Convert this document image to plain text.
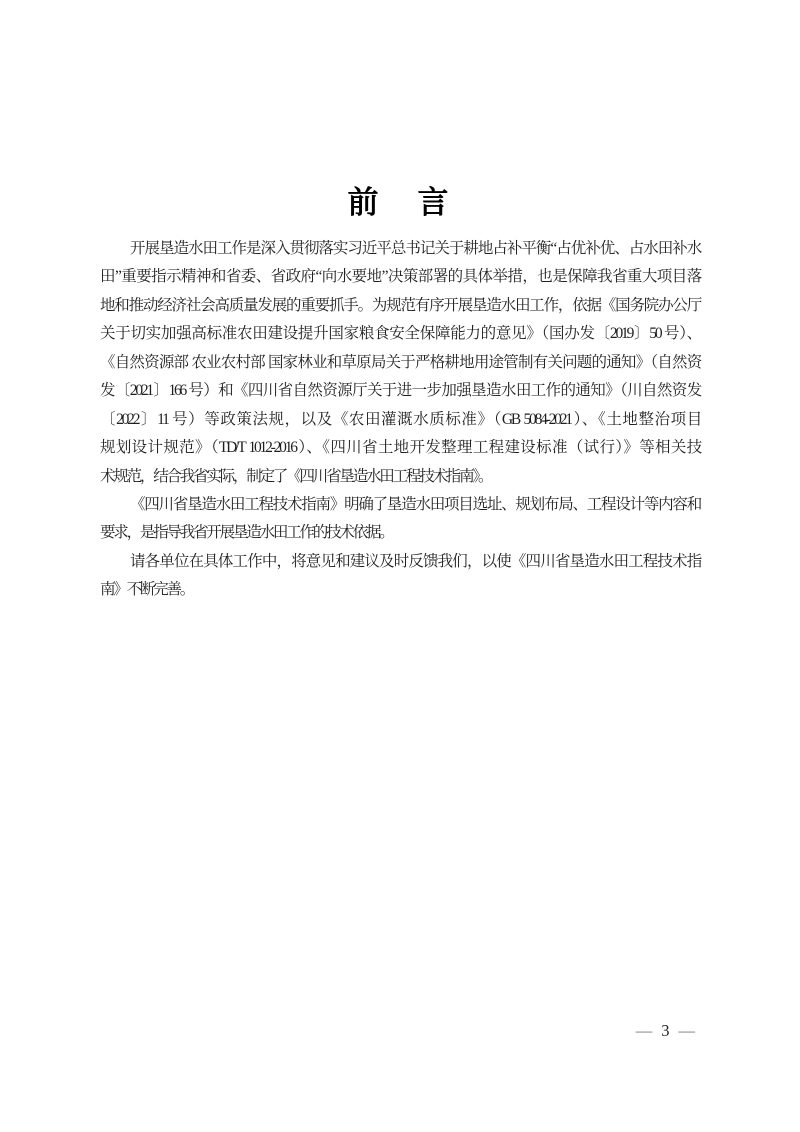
前　言
开展垦造水田工作是深入贯彻落实习近平总书记关于耕地占补平衡“占优补优、占水田补水
田”重要指示精神和省委、省政府“向水要地”决策部署的具体举措，也是保障我省重大项目落
地和推动经济社会高质量发展的重要抓手。为规范有序开展垦造水田工作，依据《国务院办公厅
关于切实加强高标准农田建设提升国家粮食安全保障能力的意见》（国办发〔2019〕50 号）、
《自然资源部 农业农村部 国家林业和草原局关于严格耕地用途管制有关问题的通知》（自然资
发〔2021〕166 号）和《四川省自然资源厅关于进一步加强垦造水田工作的通知》（川自然资发
〔2022〕11 号）等政策法规，以及《农田灌溉水质标准》（GB 5084-2021）、《土地整治项目
规划设计规范》（TD/T 1012-2016）、《四川省土地开发整理工程建设标准（试行）》等相关技
术规范，结合我省实际，制定了《四川省垦造水田工程技术指南》。
《四川省垦造水田工程技术指南》明确了垦造水田项目选址、规划布局、工程设计等内容和
要求，是指导我省开展垦造水田工作的技术依据。
请各单位在具体工作中，将意见和建议及时反馈我们，以使《四川省垦造水田工程技术指
南》不断完善。
— 3 —
